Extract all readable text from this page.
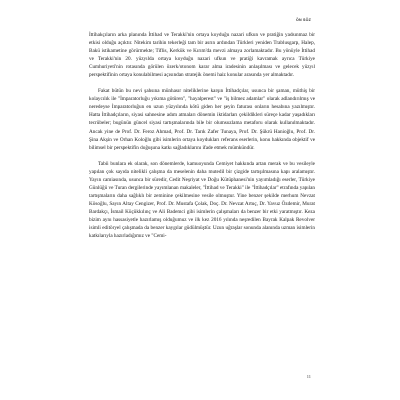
ÖN SÖZ

İttihakçıların arka planında İttihad ve Terakki'nin ortaya koyduğu nazari ufkun ve pratiğin yadsınmaz bir etkisi olduğu açıktır. Nitekim tarihin tekerleği tam bir asrın ardından Türkleri yeniden Trablusgarp, Halep, Bakü istikametine görürmekte; Tiflis, Kerkük ve Kırım'da mevzi almaya zorlamaktadır. Bu yönüyle İttihad ve Terakki'nin 20. yüzyılda ortaya koyduğu nazari ufkun ve pratiği kavramak ayrıca Türkiye Cumhuriyeti'nin rotasında görülen özerk/otonom karar alma iradesinin anlaşılması ve gelecek yüzyıl perspektifinin ortaya konulabilmesi açısından stratejik önemi haiz konular arasında yer almaktadır.

Fakat bütün bu nevi şahsına münhasır niteliklerine karşın İttihadçılar, usunca bir şaman, müthiş bir kolaycılık ile "İmparatorluğu yıkıma götüren", "hayalperest" ve "iş bilmez adamlar" olarak adlandırılmış ve neredeyse İmparatorluğun en uzun yüzyılında kötü giden her şeyin faturası onların hesabına yazılmıştır. Hatta İttihadçıların, siyasi sahnesine adım atmaları dönemin iktidarları çekildikleri süreçe kadar yaşadıkları tecrübeler; bugünün güncel siyasi tartışmalarında bile bir olumsuzlama metaforu olarak kullanılmaktadır. Ancak yine de Prof. Dr. Feroz Ahmad, Prof. Dr. Tarık Zafer Tunaya, Prof. Dr. Şükrü Hanioğlu, Prof. Dr. Şina Akşin ve Orhan Koloğlu gibi isimlerin ortaya koydukları referans eserlerin, konu hakkında objektif ve bilimsel bir perspektifin doğuşuna katkı sağladıklarını ifade etmek mümkündür.

Tabii bunlara ek olarak, son dönemlerde, kamuoyunda Cemiyet hakkında artan merak ve bu vesileyle yapılan çok sayıda nitelikli çalışma da meselenin daha mutedil bir çizgide tartışılmasına kapı aralamıştır. Yayın camiasında, usunca bir süredir, Cedit Neşriyat ve Doğu Kütüphanesi'nin yayımladığı eserler, Türkiye Günlüğü ve Turan dergilerinde yayımlanan makaleler, "İttihad ve Terakki" ile "İttihadçılar" etrafında yapılan tartışmaların daha sağlıklı bir zeminine çekilmesine vesile olmuştur. Yine benzer şekilde merhum Nevzat Kösoğlu, Sayın Altay Cengizer, Prof. Dr. Mustafa Çolak, Doç. Dr. Nevzat Artuç, Dr. Yavuz Özdemir, Murat Bardakçı, İsmail Küçükkılınç ve Ali Bademci gibi isimlerin çalışmaları da benzer bir etki yaratmıştır. Keza bizim aynı hassasiyetle hazırlamış olduğumuz ve ilk kez 2016 yılında neşredilen Bayrak Kalpak Revolver isimli editöryel çalışmada da benzer kaygılar güdülmüştür. Uzun uğraşlar sonunda alanında uzman isimlerin katkılarıyla hazırladığımız ve "Cemi-

11
